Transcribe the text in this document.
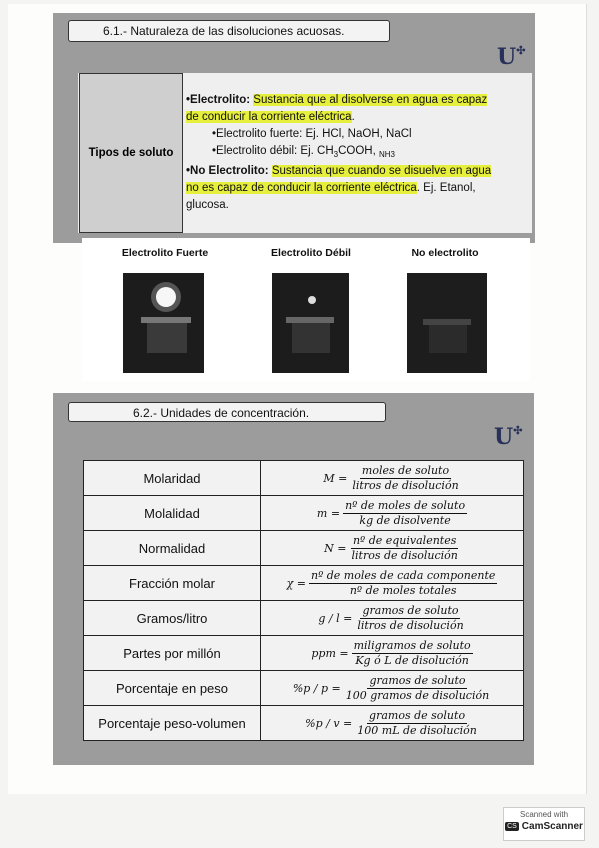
6.1.- Naturaleza de las disoluciones acuosas.
U✣
Tipos de soluto
•Electrolito: Sustancia que al disolverse en agua es capaz
de conducir la corriente eléctrica.
•Electrolito fuerte: Ej. HCl, NaOH, NaCl
•Electrolito débil: Ej. $CH_3COOH$, $_{NH3}$
•No Electrolito: Sustancia que cuando se disuelve en agua
no es capaz de conducir la corriente eléctrica. Ej. Etanol,
glucosa.
Electrolito Fuerte	Electrolito Débil	No electrolito
6.2.- Unidades de concentración.
U✣
Molaridad	$M = \frac{\text{moles de soluto}}{\text{litros de disolución}}$

Molalidad	$m = \frac{\text{nº de moles de soluto}}{\text{kg de disolvente}}$

Normalidad	$N = \frac{\text{nº de equivalentes}}{\text{litros de disolución}}$

Fracción molar	$\chi = \frac{\text{nº de moles de cada componente}}{\text{nº de moles totales}}$

Gramos/litro	$g / l = \frac{\text{gramos de soluto}}{\text{litros de disolución}}$

Partes por millón	ppm = $\frac{\text{miligramos de soluto}}{\text{Kg ó L de disolución}}$

Porcentaje en peso	$\%p / p = \frac{\text{gramos de soluto}}{\text{100 gramos de disolución}}$

Porcentaje peso-volumen	$\%p / v = \frac{\text{gramos de soluto}}{\text{100 mL de disolución}}$
Scanned with
CS CamScanner
